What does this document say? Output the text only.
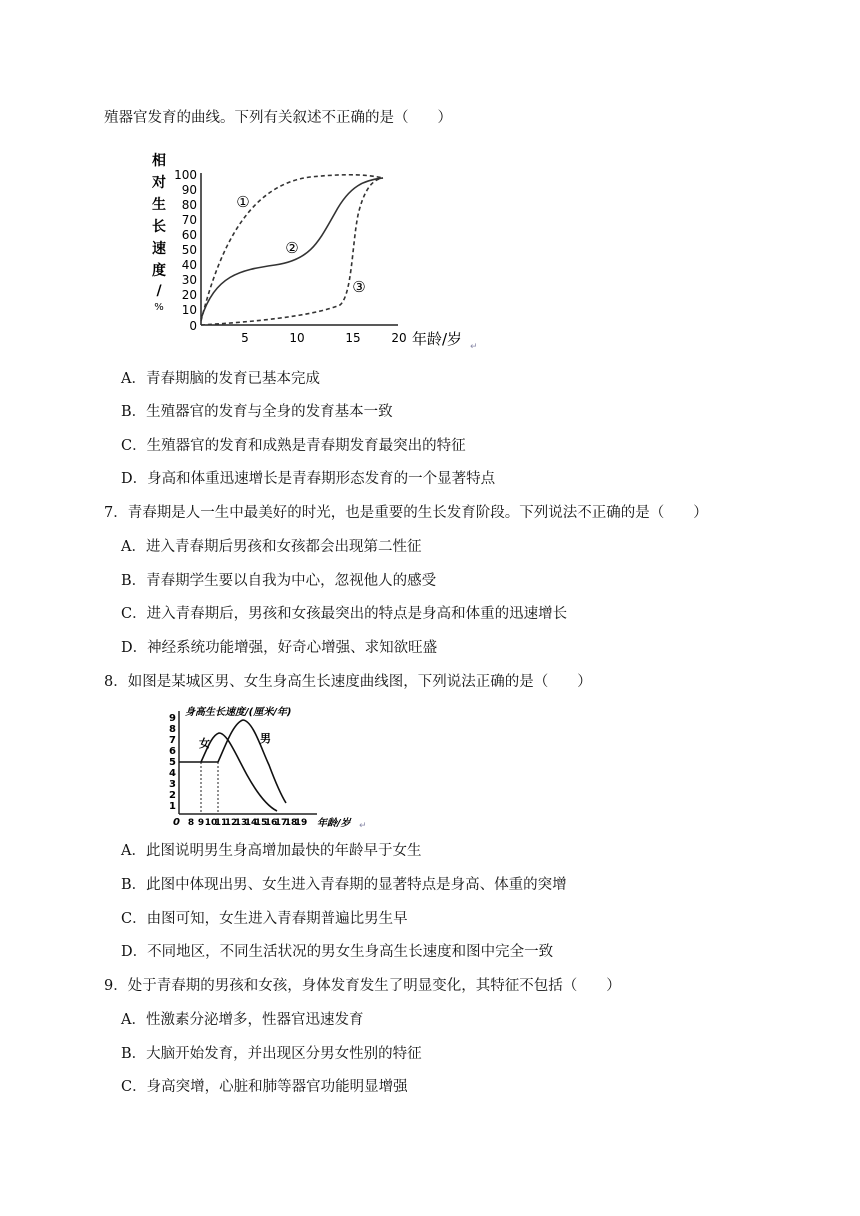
殖器官发育的曲线。下列有关叙述不正确的是（　　）
相
对
生
长
速
度
/
%
100
90
80
70
60
50
40
30
20
10
0
5	10	15	20 年龄/岁 ↵
①
②
③
A．青春期脑的发育已基本完成
B．生殖器官的发育与全身的发育基本一致
C．生殖器官的发育和成熟是青春期发育最突出的特征
D．身高和体重迅速增长是青春期形态发育的一个显著特点
7．青春期是人一生中最美好的时光，也是重要的生长发育阶段。下列说法不正确的是（　　）
A．进入青春期后男孩和女孩都会出现第二性征
B．青春期学生要以自我为中心，忽视他人的感受
C．进入青春期后，男孩和女孩最突出的特点是身高和体重的迅速增长
D．神经系统功能增强，好奇心增强、求知欲旺盛
8．如图是某城区男、女生身高生长速度曲线图，下列说法正确的是（　　）
身高生长速度/(厘米/年)
9
8
7
6
5
4
3
2
1
0 8 9 10
11
12
13
14
15
16
17
18
19 年龄/岁 ↵
女	男
A．此图说明男生身高增加最快的年龄早于女生
B．此图中体现出男、女生进入青春期的显著特点是身高、体重的突增
C．由图可知，女生进入青春期普遍比男生早
D．不同地区，不同生活状况的男女生身高生长速度和图中完全一致
9．处于青春期的男孩和女孩，身体发育发生了明显变化，其特征不包括（　　）
A．性激素分泌增多，性器官迅速发育
B．大脑开始发育，并出现区分男女性别的特征
C．身高突增，心脏和肺等器官功能明显增强
